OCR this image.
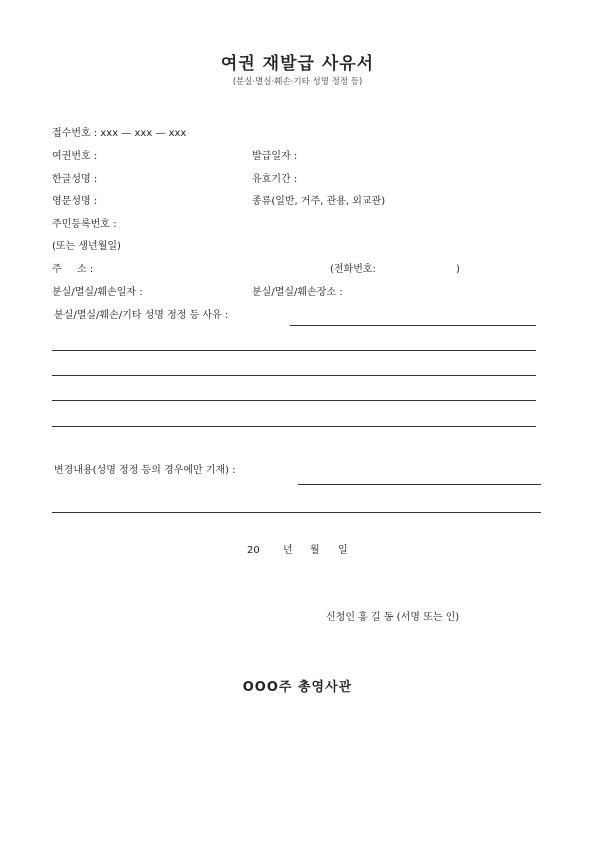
여권 재발급 사유서
(분실·멸실·훼손·기타 성명 정정 등)
접수번호 : xxx — xxx — xxx
여권번호 :	발급일자 :
한글성명 :	유효기간 :
영문성명 :	종류(일반, 거주, 관용, 외교관)
주민등록번호 :
(또는 생년월일)
주 소 :	(전화번호:	)
분실/멸실/훼손일자 :	분실/멸실/훼손장소 :
분실/멸실/훼손/기타 성명 정정 등 사유 :
변경내용(성명 정정 등의 경우에만 기재) :
20 년 월 일
신청인 홍 길 동 (서명 또는 인)
OOO주 총영사관
